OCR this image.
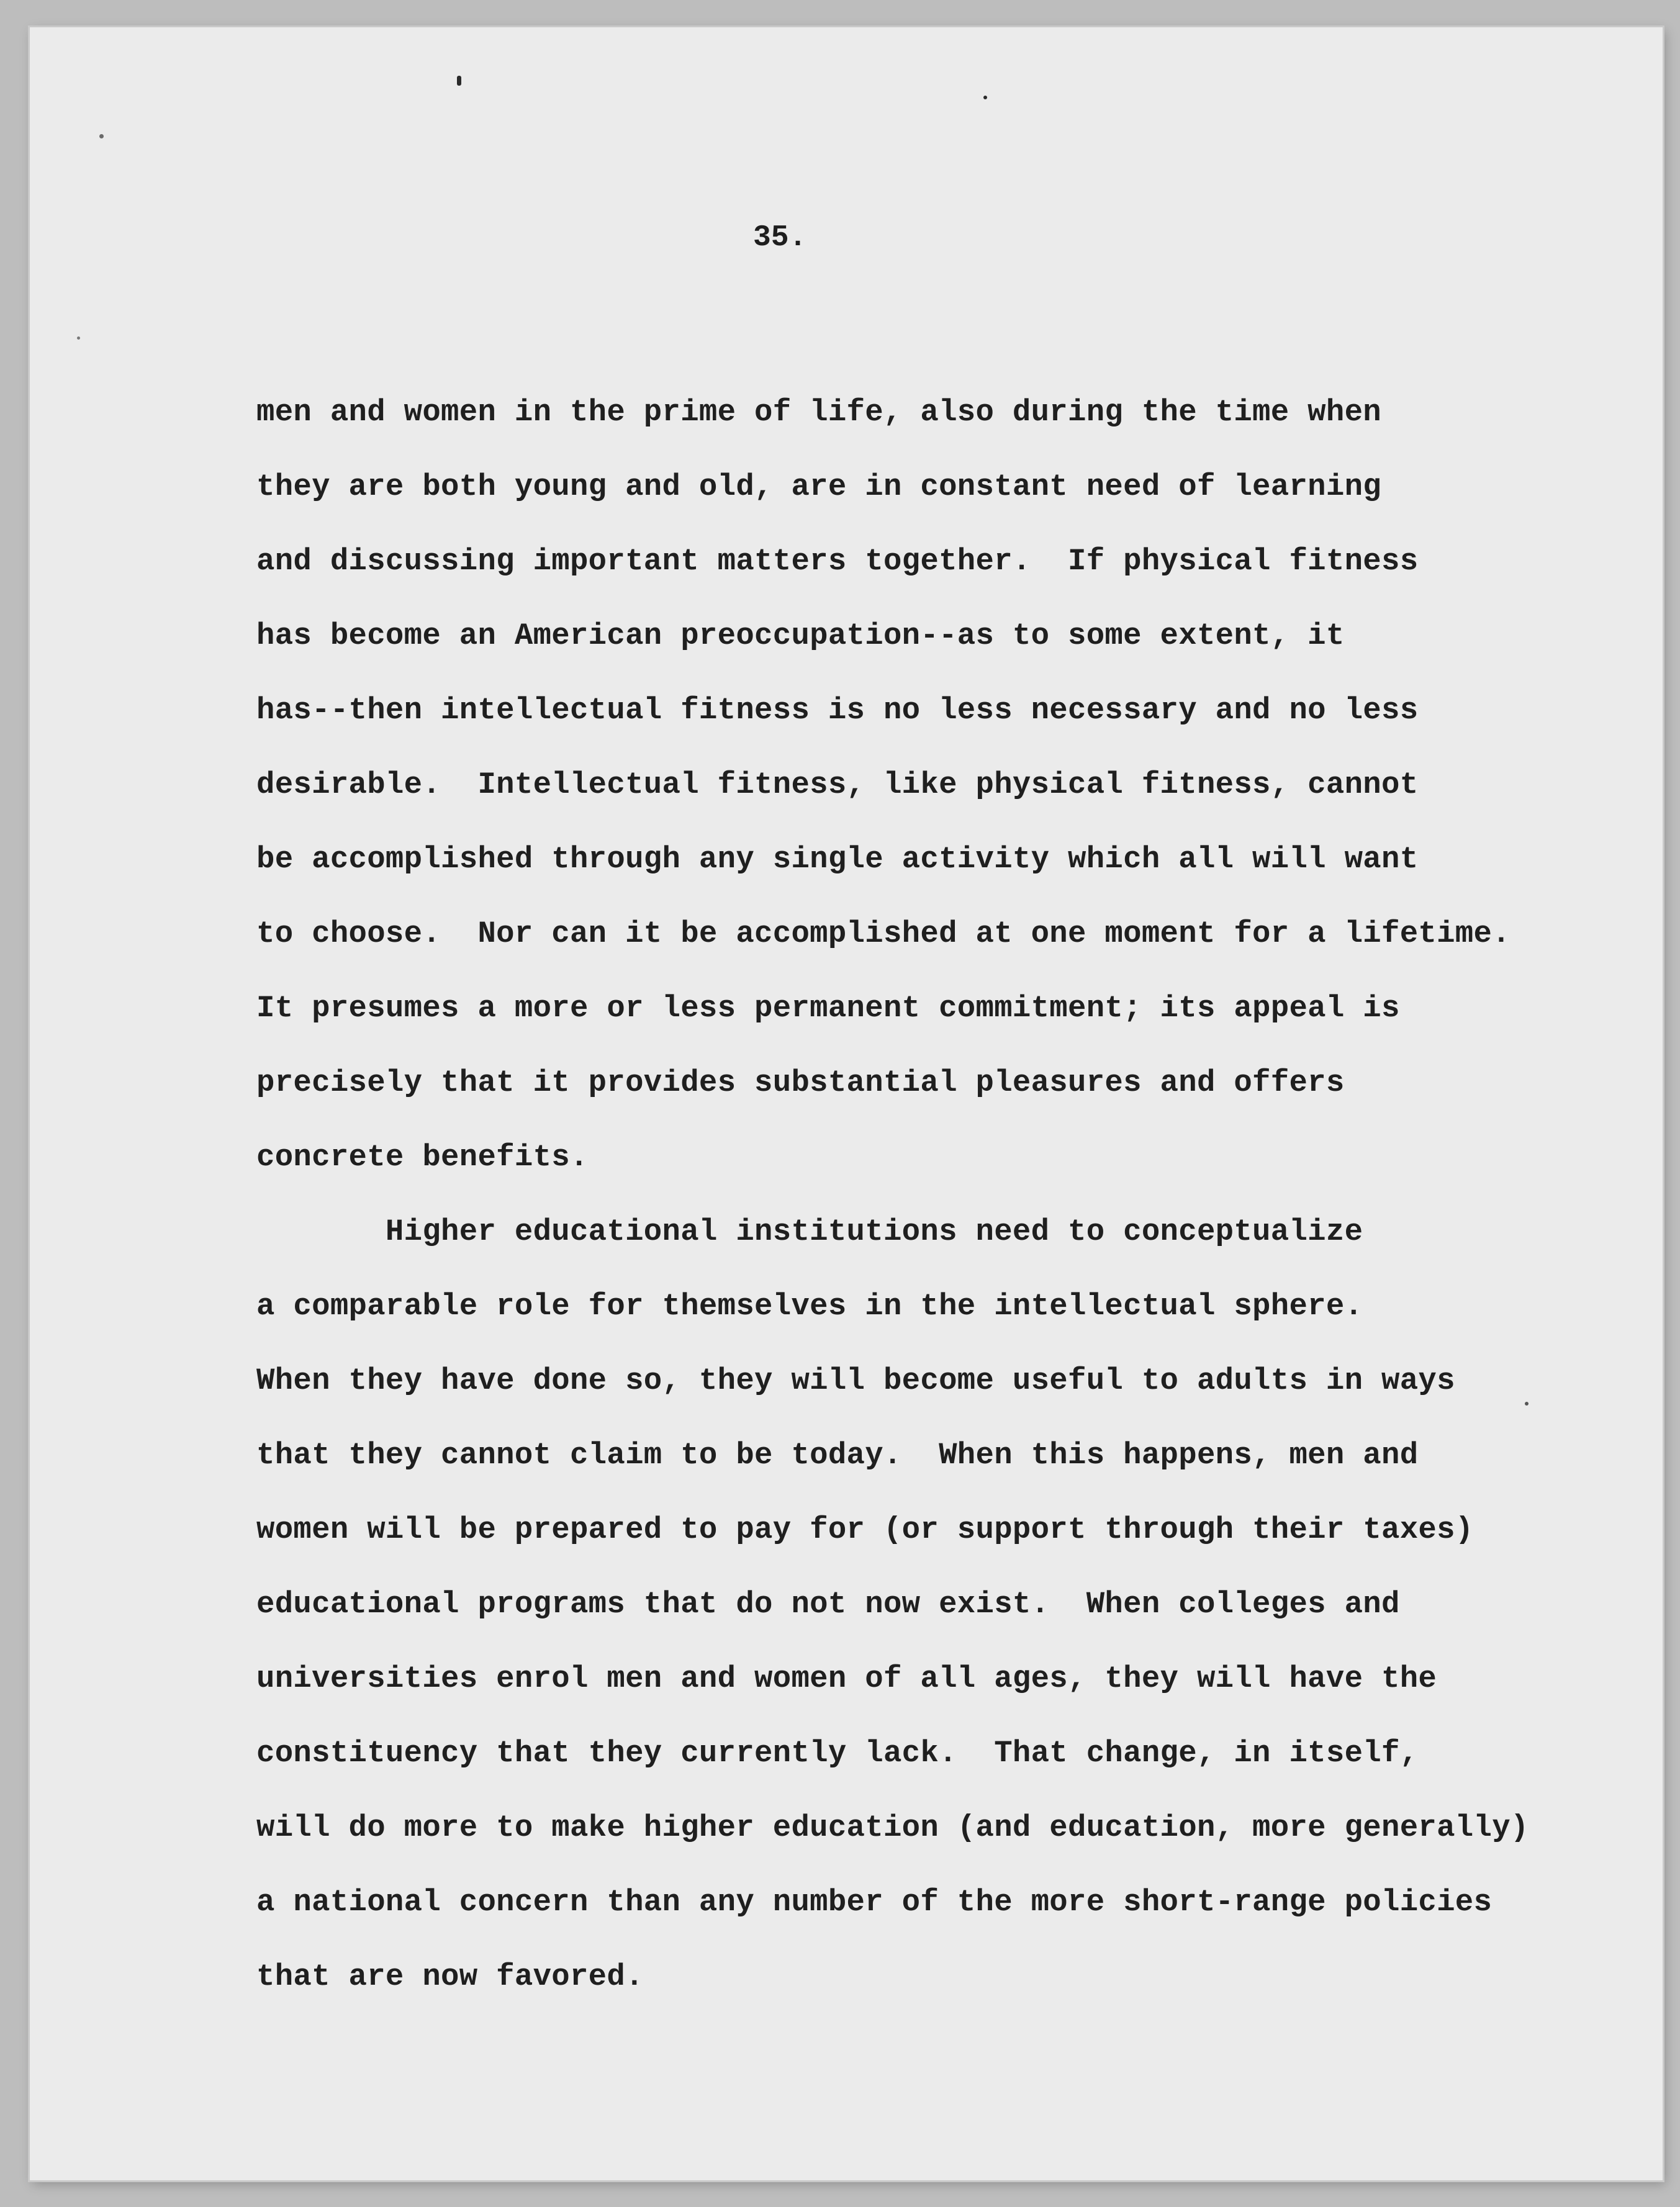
35.
men and women in the prime of life, also during the time when
they are both young and old, are in constant need of learning
and discussing important matters together.  If physical fitness
has become an American preoccupation--as to some extent, it
has--then intellectual fitness is no less necessary and no less
desirable.  Intellectual fitness, like physical fitness, cannot
be accomplished through any single activity which all will want
to choose.  Nor can it be accomplished at one moment for a lifetime.
It presumes a more or less permanent commitment; its appeal is
precisely that it provides substantial pleasures and offers
concrete benefits.
Higher educational institutions need to conceptualize
a comparable role for themselves in the intellectual sphere.
When they have done so, they will become useful to adults in ways
that they cannot claim to be today.  When this happens, men and
women will be prepared to pay for (or support through their taxes)
educational programs that do not now exist.  When colleges and
universities enrol men and women of all ages, they will have the
constituency that they currently lack.  That change, in itself,
will do more to make higher education (and education, more generally)
a national concern than any number of the more short-range policies
that are now favored.
